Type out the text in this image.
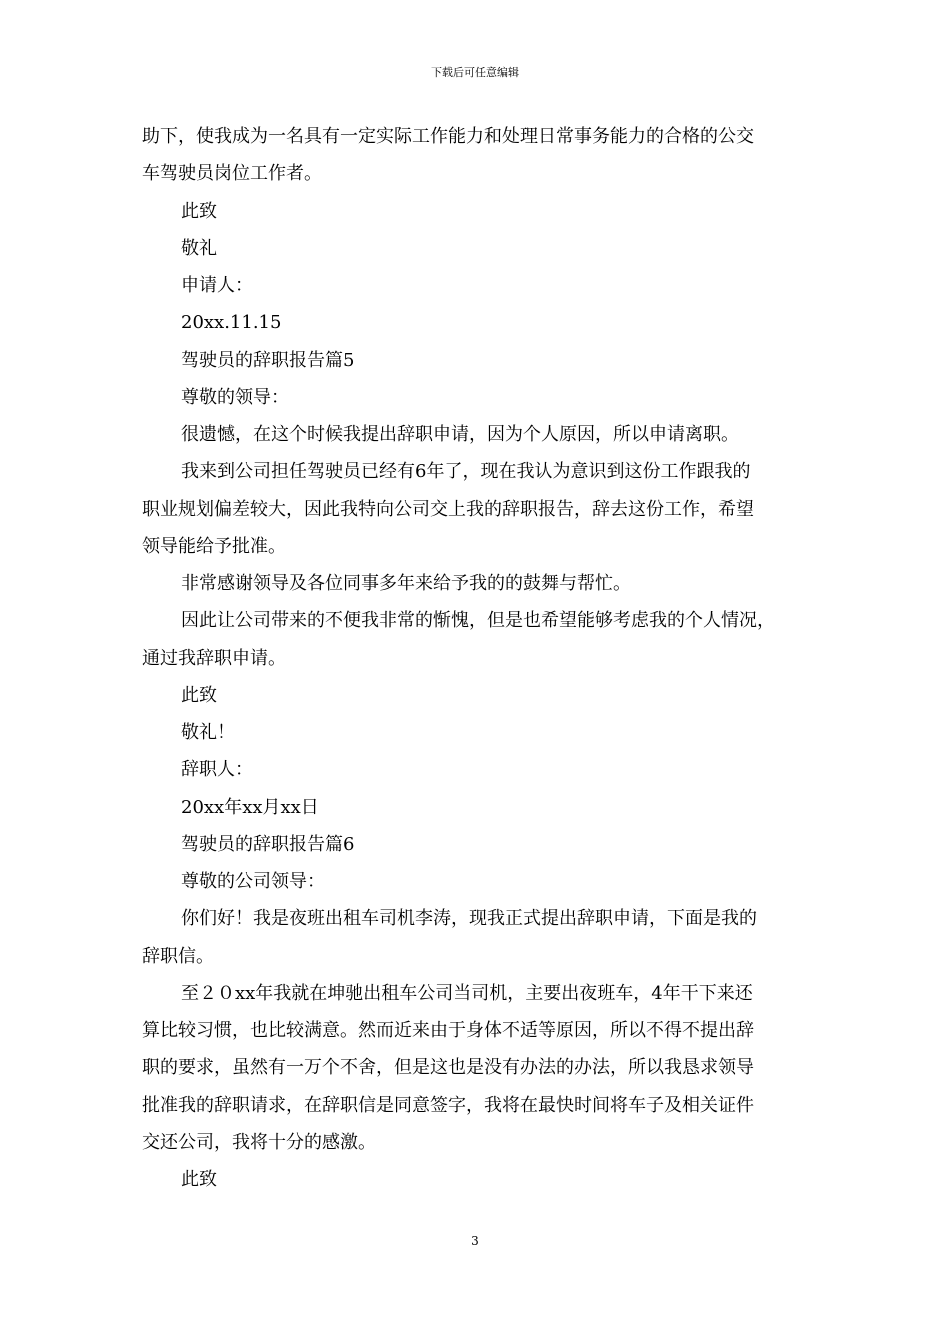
下载后可任意编辑
助下，使我成为一名具有一定实际工作能力和处理日常事务能力的合格的公交
车驾驶员岗位工作者。
此致
敬礼
申请人：
20xx.11.15
驾驶员的辞职报告篇5
尊敬的领导：
很遗憾，在这个时候我提出辞职申请，因为个人原因，所以申请离职。
我来到公司担任驾驶员已经有6年了，现在我认为意识到这份工作跟我的
职业规划偏差较大，因此我特向公司交上我的辞职报告，辞去这份工作，希望
领导能给予批准。
非常感谢领导及各位同事多年来给予我的的鼓舞与帮忙。
因此让公司带来的不便我非常的惭愧，但是也希望能够考虑我的个人情况，
通过我辞职申请。
此致
敬礼！
辞职人：
20xx年xx月xx日
驾驶员的辞职报告篇6
尊敬的公司领导：
你们好！我是夜班出租车司机李涛，现我正式提出辞职申请，下面是我的
辞职信。
至２０xx年我就在坤驰出租车公司当司机，主要出夜班车，4年干下来还
算比较习惯，也比较满意。然而近来由于身体不适等原因，所以不得不提出辞
职的要求，虽然有一万个不舍，但是这也是没有办法的办法，所以我恳求领导
批准我的辞职请求，在辞职信是同意签字，我将在最快时间将车子及相关证件
交还公司，我将十分的感激。
此致
3
